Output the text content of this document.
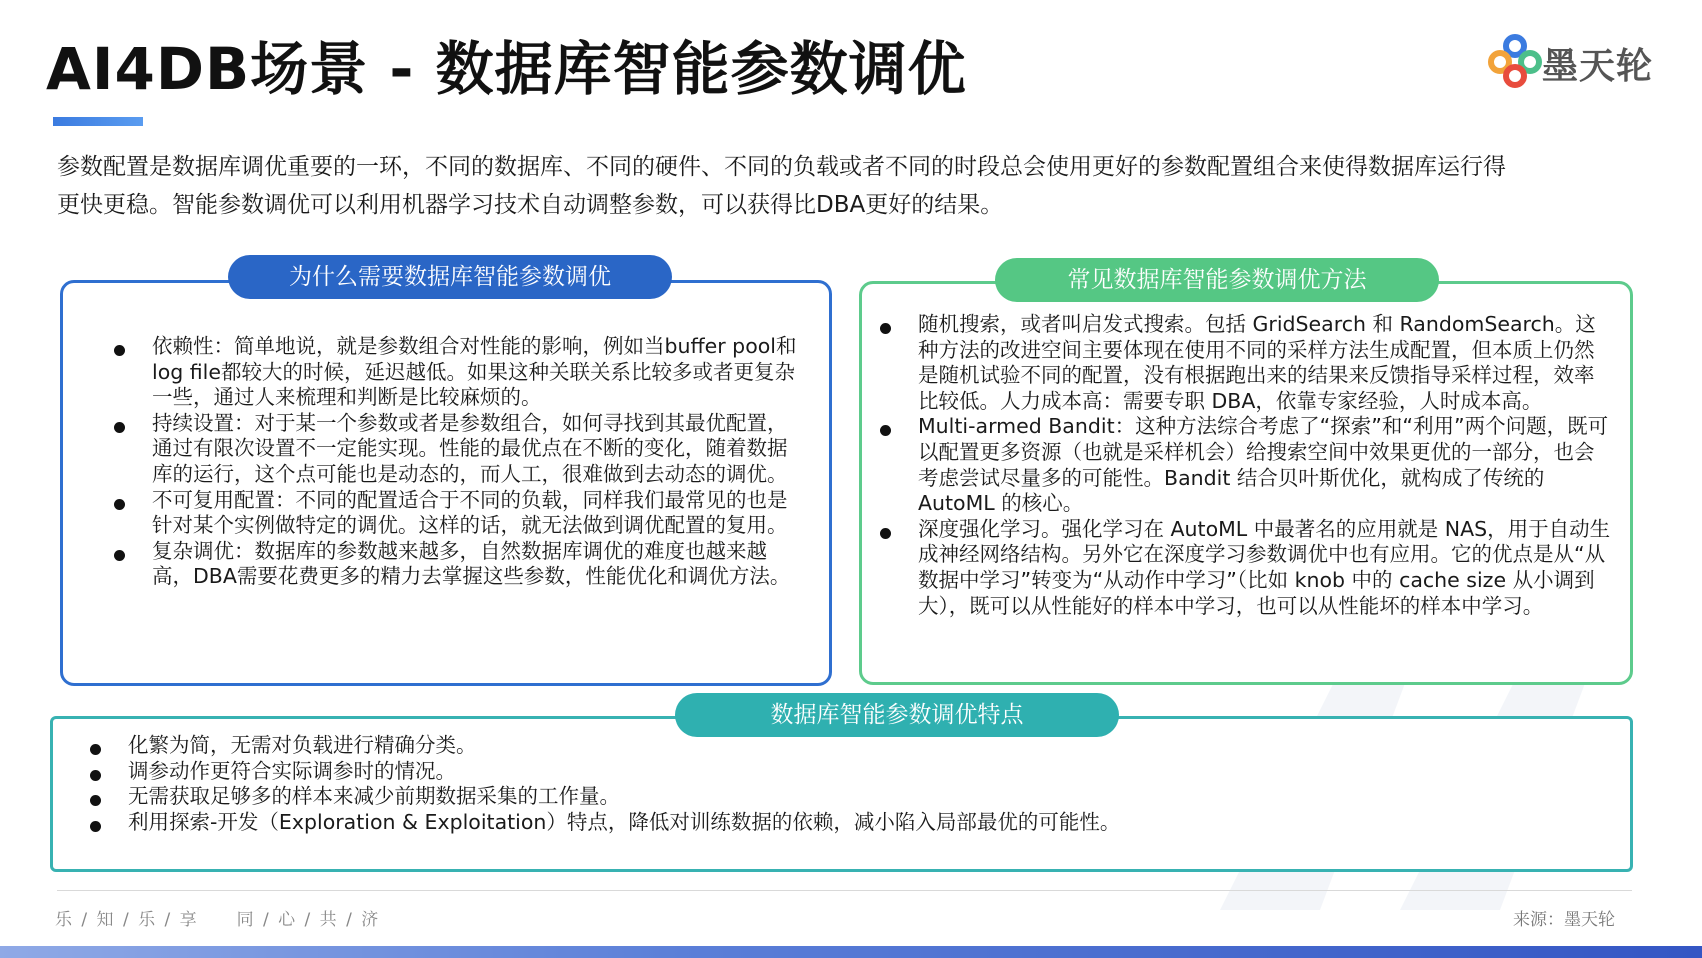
AI4DB场景 - 数据库智能参数调优	墨天轮

参数配置是数据库调优重要的一环，不同的数据库、不同的硬件、不同的负载或者不同的时段总会使用更好的参数配置组合来使得数据库运行得

更快更稳。智能参数调优可以利用机器学习技术自动调整参数，可以获得比DBA更好的结果。

为什么需要数据库智能参数调优
依赖性：简单地说，就是参数组合对性能的影响，例如当buffer pool和log file都较大的时候，延迟越低。如果这种关联关系比较多或者更复杂一些，通过人来梳理和判断是比较麻烦的。
持续设置：对于某一个参数或者是参数组合，如何寻找到其最优配置，通过有限次设置不一定能实现。性能的最优点在不断的变化，随着数据库的运行，这个点可能也是动态的，而人工，很难做到去动态的调优。
不可复用配置：不同的配置适合于不同的负载，同样我们最常见的也是针对某个实例做特定的调优。这样的话，就无法做到调优配置的复用。
复杂调优：数据库的参数越来越多，自然数据库调优的难度也越来越高，DBA需要花费更多的精力去掌握这些参数，性能优化和调优方法。
常见数据库智能参数调优方法
随机搜索，或者叫启发式搜索。包括 GridSearch 和 RandomSearch。这种方法的改进空间主要体现在使用不同的采样方法生成配置，但本质上仍然是随机试验不同的配置，没有根据跑出来的结果来反馈指导采样过程，效率比较低。人力成本高：需要专职 DBA，依靠专家经验，人时成本高。
Multi-armed Bandit：这种方法综合考虑了“探索”和“利用”两个问题，既可以配置更多资源（也就是采样机会）给搜索空间中效果更优的一部分，也会考虑尝试尽量多的可能性。Bandit 结合贝叶斯优化，就构成了传统的 AutoML 的核心。
深度强化学习。强化学习在 AutoML 中最著名的应用就是 NAS，用于自动生成神经网络结构。另外它在深度学习参数调优中也有应用。它的优点是从“从数据中学习”转变为“从动作中学习”（比如 knob 中的 cache size 从小调到大），既可以从性能好的样本中学习，也可以从性能坏的样本中学习。
数据库智能参数调优特点
化繁为简，无需对负载进行精确分类。
调参动作更符合实际调参时的情况。
无需获取足够多的样本来减少前期数据采集的工作量。
利用探索-开发（Exploration & Exploitation）特点，降低对训练数据的依赖，减小陷入局部最优的可能性。
乐 / 知 / 乐 / 享　　同 / 心 / 共 / 济	来源：墨天轮
